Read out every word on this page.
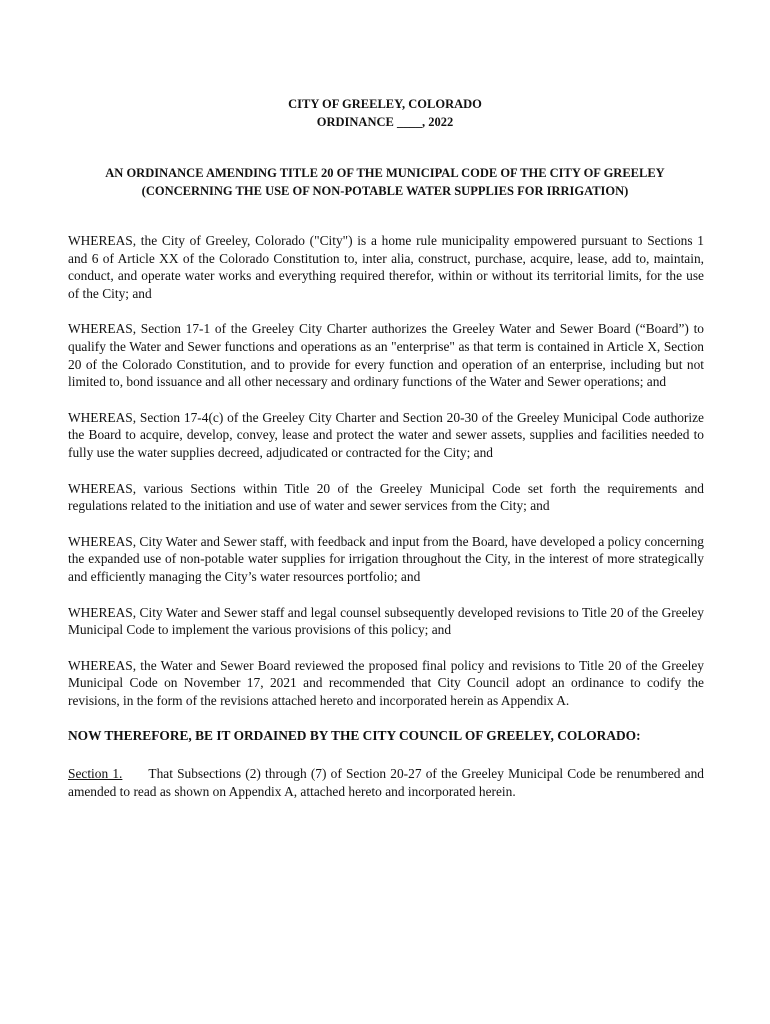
CITY OF GREELEY, COLORADO
ORDINANCE ____, 2022
AN ORDINANCE AMENDING TITLE 20 OF THE MUNICIPAL CODE OF THE CITY OF GREELEY
(CONCERNING THE USE OF NON-POTABLE WATER SUPPLIES FOR IRRIGATION)

WHEREAS, the City of Greeley, Colorado ("City") is a home rule municipality empowered pursuant to Sections 1 and 6 of Article XX of the Colorado Constitution to, inter alia, construct, purchase, acquire, lease, add to, maintain, conduct, and operate water works and everything required therefor, within or without its territorial limits, for the use of the City; and

WHEREAS, Section 17-1 of the Greeley City Charter authorizes the Greeley Water and Sewer Board (“Board”) to qualify the Water and Sewer functions and operations as an "enterprise" as that term is contained in Article X, Section 20 of the Colorado Constitution, and to provide for every function and operation of an enterprise, including but not limited to, bond issuance and all other necessary and ordinary functions of the Water and Sewer operations; and

WHEREAS, Section 17-4(c) of the Greeley City Charter and Section 20-30 of the Greeley Municipal Code authorize the Board to acquire, develop, convey, lease and protect the water and sewer assets, supplies and facilities needed to fully use the water supplies decreed, adjudicated or contracted for the City; and

WHEREAS, various Sections within Title 20 of the Greeley Municipal Code set forth the requirements and regulations related to the initiation and use of water and sewer services from the City; and

WHEREAS, City Water and Sewer staff, with feedback and input from the Board, have developed a policy concerning the expanded use of non-potable water supplies for irrigation throughout the City, in the interest of more strategically and efficiently managing the City’s water resources portfolio; and

WHEREAS, City Water and Sewer staff and legal counsel subsequently developed revisions to Title 20 of the Greeley Municipal Code to implement the various provisions of this policy; and

WHEREAS, the Water and Sewer Board reviewed the proposed final policy and revisions to Title 20 of the Greeley Municipal Code on November 17, 2021 and recommended that City Council adopt an ordinance to codify the revisions, in the form of the revisions attached hereto and incorporated herein as Appendix A.

NOW THEREFORE, BE IT ORDAINED BY THE CITY COUNCIL OF GREELEY, COLORADO:

Section 1. That Subsections (2) through (7) of Section 20-27 of the Greeley Municipal Code be renumbered and amended to read as shown on Appendix A, attached hereto and incorporated herein.
